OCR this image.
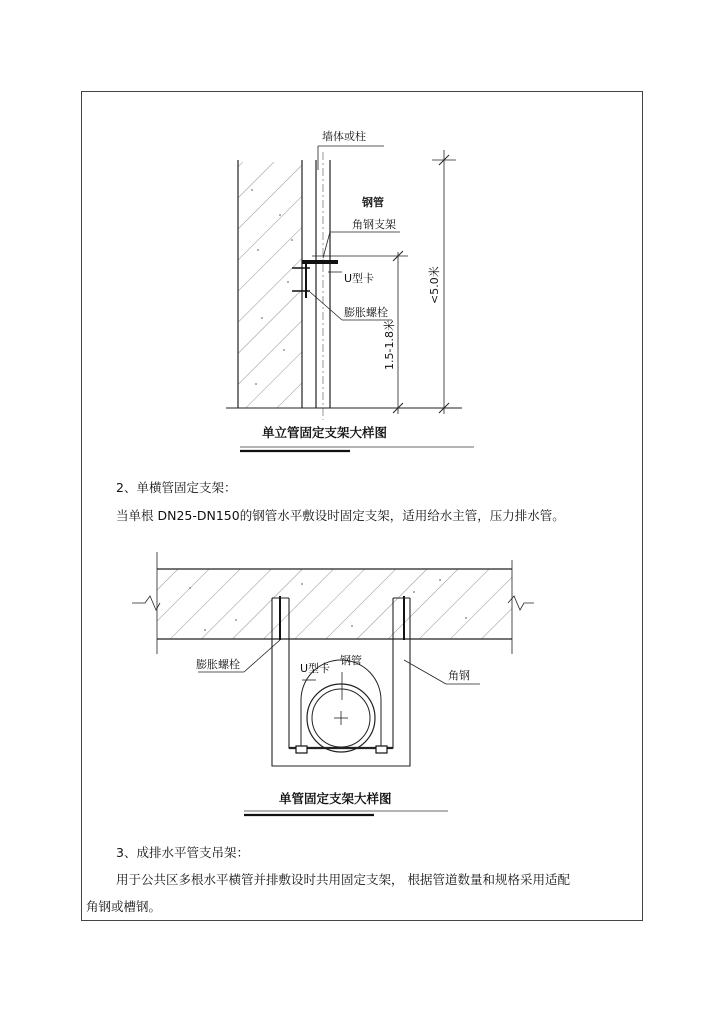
墙体或柱
钢管
角钢支架
U型卡
膨胀螺栓
<5.0米
1.5-1.8米
单立管固定支架大样图
膨胀螺栓	U型卡
钢管
角钢
单管固定支架大样图
2、单横管固定支架：
当单根 DN25-DN150的钢管水平敷设时固定支架，适用给水主管，压力排水管。
3、成排水平管支吊架：
用于公共区多根水平横管并排敷设时共用固定支架， 根据管道数量和规格采用适配
角钢或槽钢。
